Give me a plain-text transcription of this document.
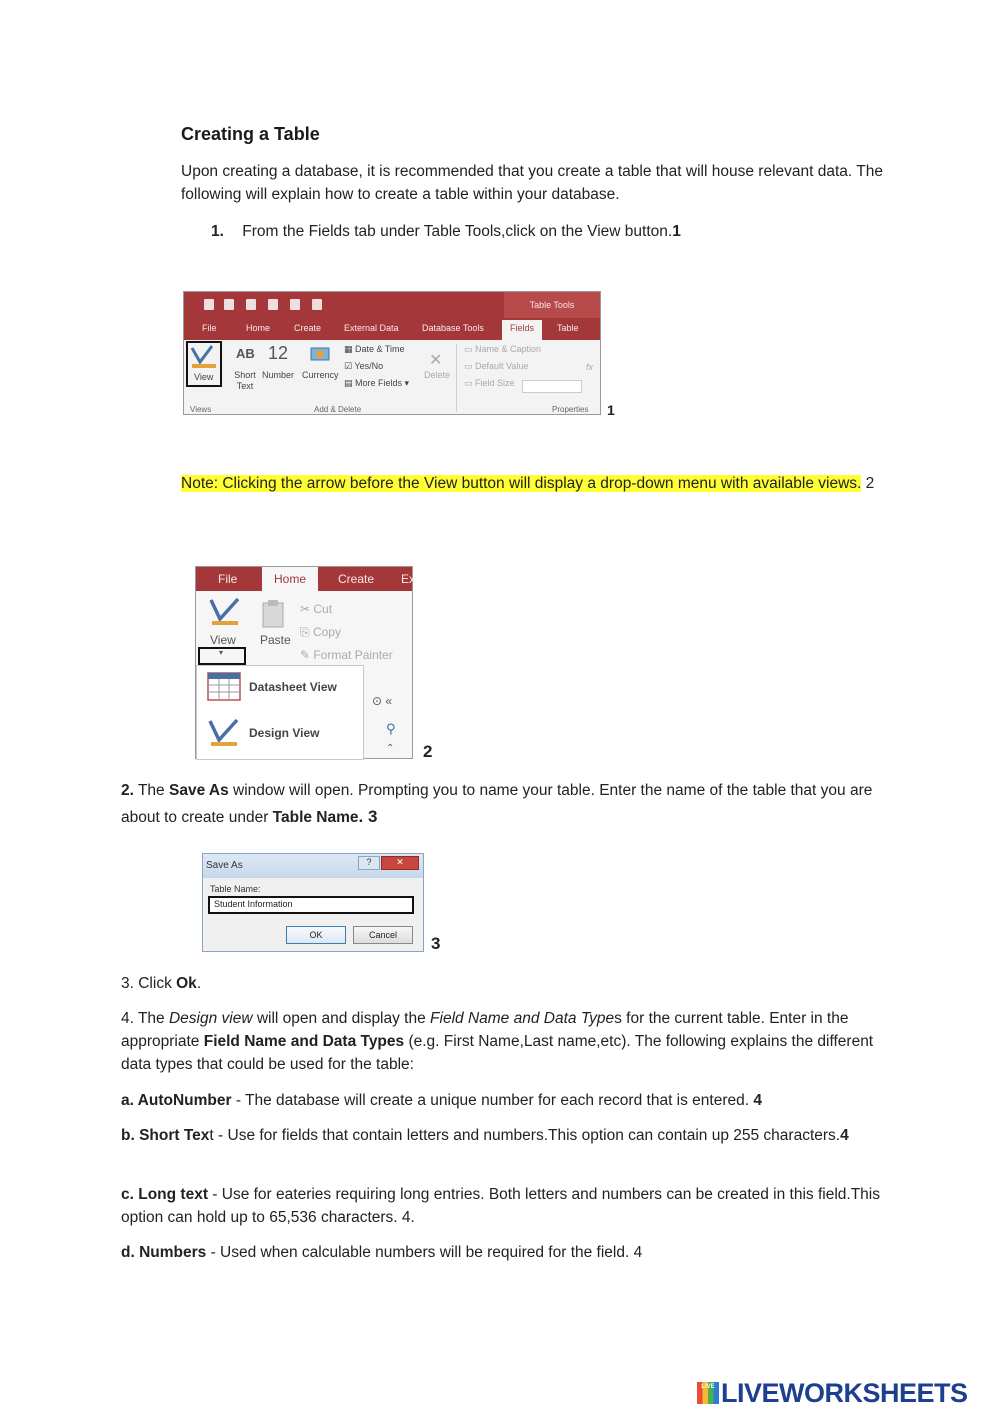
Creating a Table

Upon creating a database, it is recommended that you create a table that will house relevant data. The following will explain how to create a table within your database.

1. From the Fields tab under Table Tools,click on the View button.1
Table Tools
File	Home	Create	External Data	Database Tools	Fields	Table
View
AB
Short Text
12
Number Currency
▦ Date & Time
☑ Yes/No
▤ More Fields ▾
✕
Delete
▭ Name & Caption
▭ Default Value
▭ Field Size
fx
Views	Add & Delete	Properties 1

Note: Clicking the arrow before the View button will display a drop-down menu with available views. 2

File	Home	Create Ex
View
▾
Paste
✂ Cut
⎘ Copy
✎ Format Painter
Datasheet View
Design View
⊙ «
⚲
⌃ 2

2. The Save As window will open. Prompting you to name your table. Enter the name of the table that you are about to create under Table Name. 3

Save As	?	✕
Table Name:
Student Information
OK	Cancel	3

3. Click Ok.

4. The Design view will open and display the Field Name and Data Types for the current table. Enter in the appropriate Field Name and Data Types (e.g. First Name,Last name,etc). The following explains the different data types that could be used for the table:

a. AutoNumber - The database will create a unique number for each record that is entered. 4

b. Short Text - Use for fields that contain letters and numbers.This option can contain up 255 characters.4

c. Long text - Use for eateries requiring long entries. Both letters and numbers can be created in this field.This option can hold up to 65,536 characters. 4.

d. Numbers - Used when calculable numbers will be required for the field. 4

LIVE LIVEWORKSHEETS
